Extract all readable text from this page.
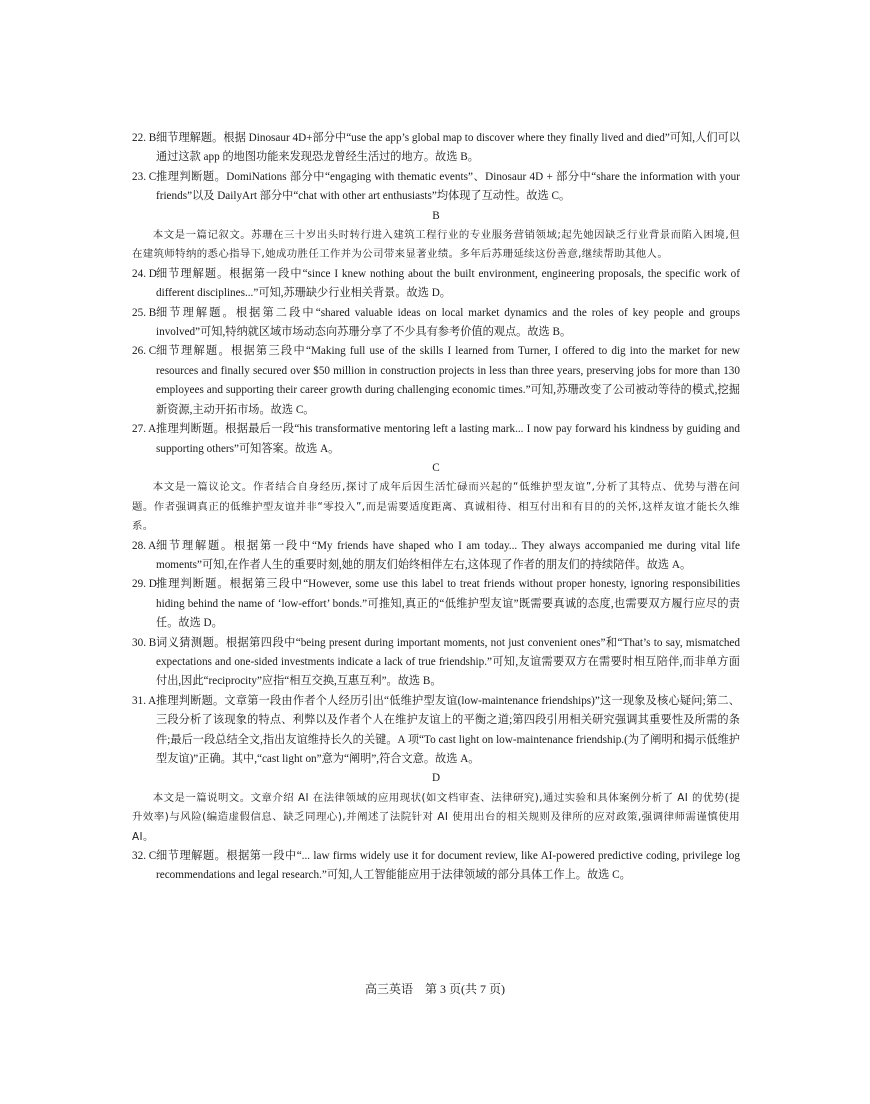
22. B 细节理解题。根据 Dinosaur 4D+部分中“use the app’s global map to discover where they finally lived and died”可知,人们可以通过这款 app 的地图功能来发现恐龙曾经生活过的地方。故选 B。
23. C 推理判断题。DomiNations 部分中“engaging with thematic events”、Dinosaur 4D + 部分中“share the information with your friends”以及 DailyArt 部分中“chat with other art enthusiasts”均体现了互动性。故选 C。
B
本文是一篇记叙文。苏珊在三十岁出头时转行进入建筑工程行业的专业服务营销领域;起先她因缺乏行业背景而陷入困境,但在建筑师特纳的悉心指导下,她成功胜任工作并为公司带来显著业绩。多年后苏珊延续这份善意,继续帮助其他人。
24. D 细节理解题。根据第一段中“since I knew nothing about the built environment, engineering proposals, the specific work of different disciplines...”可知,苏珊缺少行业相关背景。故选 D。
25. B 细节理解题。根据第二段中“shared valuable ideas on local market dynamics and the roles of key people and groups involved”可知,特纳就区域市场动态向苏珊分享了不少具有参考价值的观点。故选 B。
26. C 细节理解题。根据第三段中“Making full use of the skills I learned from Turner, I offered to dig into the market for new resources and finally secured over $50 million in construction projects in less than three years, preserving jobs for more than 130 employees and supporting their career growth during challenging economic times.”可知,苏珊改变了公司被动等待的模式,挖掘新资源,主动开拓市场。故选 C。
27. A 推理判断题。根据最后一段“his transformative mentoring left a lasting mark... I now pay forward his kindness by guiding and supporting others”可知答案。故选 A。
C
本文是一篇议论文。作者结合自身经历,探讨了成年后因生活忙碌而兴起的“低维护型友谊”,分析了其特点、优势与潜在问题。作者强调真正的低维护型友谊并非“零投入”,而是需要适度距离、真诚相待、相互付出和有目的的关怀,这样友谊才能长久维系。
28. A 细节理解题。根据第一段中“My friends have shaped who I am today... They always accompanied me during vital life moments”可知,在作者人生的重要时刻,她的朋友们始终相伴左右,这体现了作者的朋友们的持续陪伴。故选 A。
29. D 推理判断题。根据第三段中“However, some use this label to treat friends without proper honesty, ignoring responsibilities hiding behind the name of ‘low-effort’ bonds.”可推知,真正的“低维护型友谊”既需要真诚的态度,也需要双方履行应尽的责任。故选 D。
30. B 词义猜测题。根据第四段中“being present during important moments, not just convenient ones”和“That’s to say, mismatched expectations and one-sided investments indicate a lack of true friendship.”可知,友谊需要双方在需要时相互陪伴,而非单方面付出,因此“reciprocity”应指“相互交换,互惠互利”。故选 B。
31. A 推理判断题。文章第一段由作者个人经历引出“低维护型友谊(low-maintenance friendships)”这一现象及核心疑问;第二、三段分析了该现象的特点、利弊以及作者个人在维护友谊上的平衡之道;第四段引用相关研究强调其重要性及所需的条件;最后一段总结全文,指出友谊维持长久的关键。A 项“To cast light on low-maintenance friendship.(为了阐明和揭示低维护型友谊)”正确。其中,“cast light on”意为“阐明”,符合文意。故选 A。
D
本文是一篇说明文。文章介绍 AI 在法律领域的应用现状(如文档审查、法律研究),通过实验和具体案例分析了 AI 的优势(提升效率)与风险(编造虚假信息、缺乏同理心),并阐述了法院针对 AI 使用出台的相关规则及律所的应对政策,强调律师需谨慎使用 AI。
32. C 细节理解题。根据第一段中“... law firms widely use it for document review, like AI-powered predictive coding, privilege log recommendations and legal research.”可知,人工智能能应用于法律领域的部分具体工作上。故选 C。
高三英语　第 3 页(共 7 页)
